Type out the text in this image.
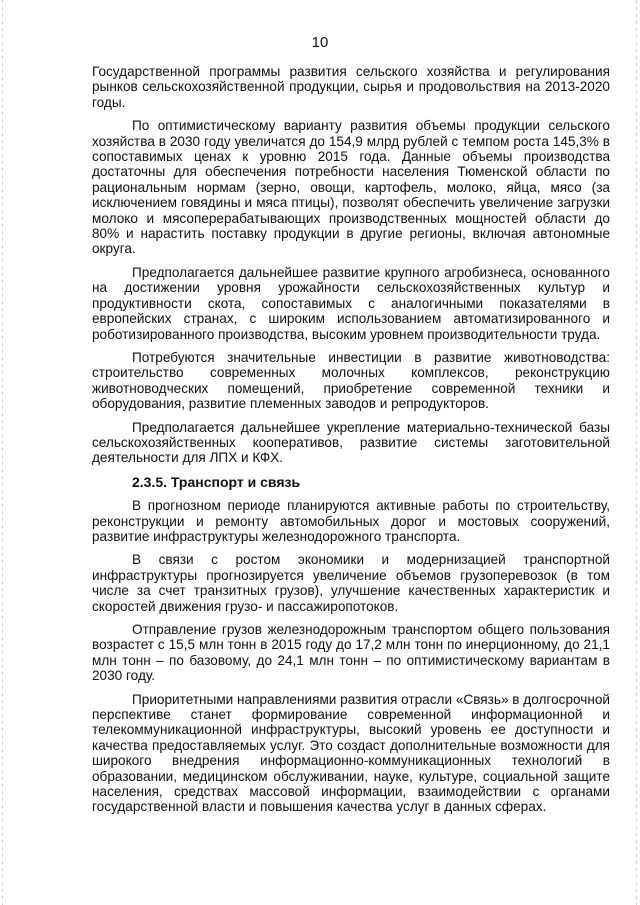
10

Государственной программы развития сельского хозяйства и регулирования рынков сельскохозяйственной продукции, сырья и продовольствия на 2013-2020 годы.

По оптимистическому варианту развития объемы продукции сельского хозяйства в 2030 году увеличатся до 154,9 млрд рублей с темпом роста 145,3% в сопоставимых ценах к уровню 2015 года. Данные объемы производства достаточны для обеспечения потребности населения Тюменской области по рациональным нормам (зерно, овощи, картофель, молоко, яйца, мясо (за исключением говядины и мяса птицы), позволят обеспечить увеличение загрузки молоко и мясоперерабатывающих производственных мощностей области до 80% и нарастить поставку продукции в другие регионы, включая автономные округа.

Предполагается дальнейшее развитие крупного агробизнеса, основанного на достижении уровня урожайности сельскохозяйственных культур и продуктивности скота, сопоставимых с аналогичными показателями в европейских странах, с широким использованием автоматизированного и роботизированного производства, высоким уровнем производительности труда.

Потребуются значительные инвестиции в развитие животноводства: строительство современных молочных комплексов, реконструкцию животноводческих помещений, приобретение современной техники и оборудования, развитие племенных заводов и репродукторов.

Предполагается дальнейшее укрепление материально-технической базы сельскохозяйственных кооперативов, развитие системы заготовительной деятельности для ЛПХ и КФХ.

2.3.5. Транспорт и связь

В прогнозном периоде планируются активные работы по строительству, реконструкции и ремонту автомобильных дорог и мостовых сооружений, развитие инфраструктуры железнодорожного транспорта.

В связи с ростом экономики и модернизацией транспортной инфраструктуры прогнозируется увеличение объемов грузоперевозок (в том числе за счет транзитных грузов), улучшение качественных характеристик и скоростей движения грузо- и пассажиропотоков.

Отправление грузов железнодорожным транспортом общего пользования возрастет с 15,5 млн тонн в 2015 году до 17,2 млн тонн по инерционному, до 21,1 млн тонн – по базовому, до 24,1 млн тонн – по оптимистическому вариантам в 2030 году.

Приоритетными направлениями развития отрасли «Связь» в долгосрочной перспективе станет формирование современной информационной и телекоммуникационной инфраструктуры, высокий уровень ее доступности и качества предоставляемых услуг. Это создаст дополнительные возможности для широкого внедрения информационно-коммуникационных технологий в образовании, медицинском обслуживании, науке, культуре, социальной защите населения, средствах массовой информации, взаимодействии с органами государственной власти и повышения качества услуг в данных сферах.
